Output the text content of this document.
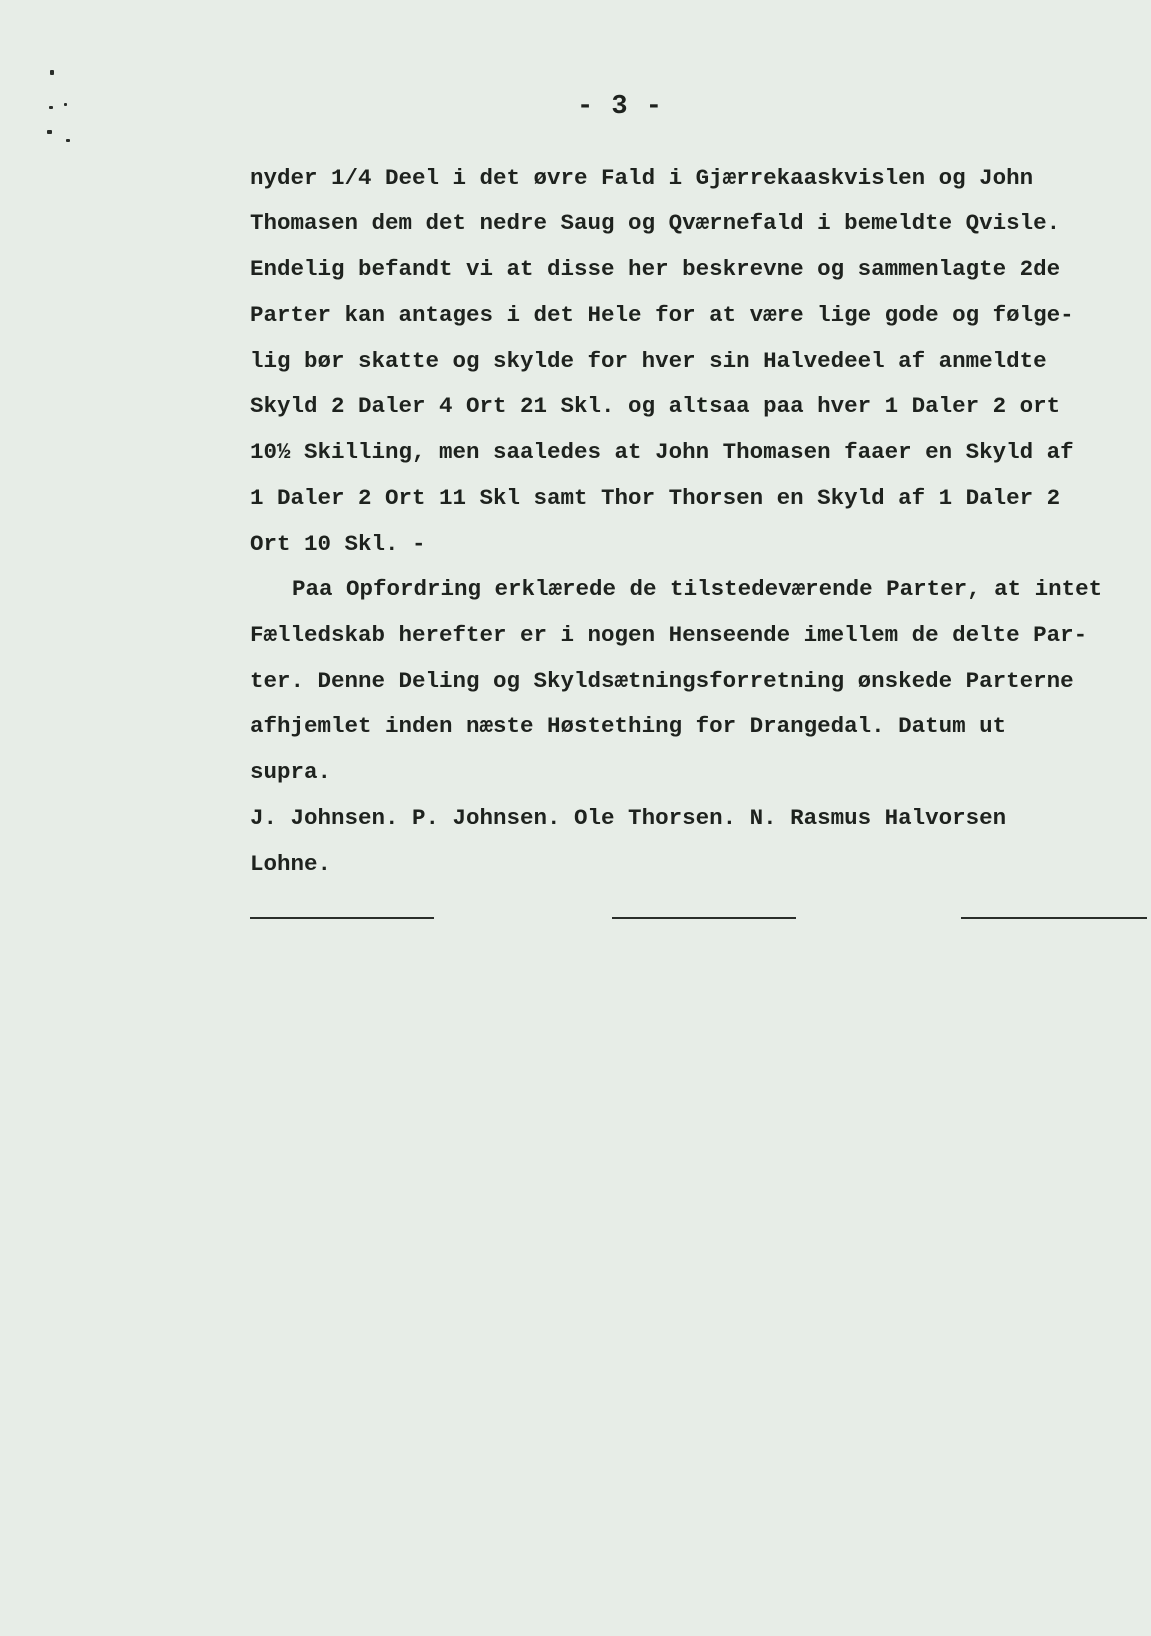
- 3 -
nyder 1/4 Deel i det øvre Fald i Gjærrekaaskvislen og John
Thomasen dem det nedre Saug og Qværnefald i bemeldte Qvisle.
Endelig befandt vi at disse her beskrevne og sammenlagte 2de
Parter kan antages i det Hele for at være lige gode og følge-
lig bør skatte og skylde for hver sin Halvedeel af anmeldte
Skyld 2 Daler 4 Ort 21 Skl. og altsaa paa hver 1 Daler 2 ort
10½ Skilling, men saaledes at John Thomasen faaer en Skyld af
1 Daler 2 Ort 11 Skl samt Thor Thorsen en Skyld af 1 Daler 2
Ort 10 Skl. -
Paa Opfordring erklærede de tilstedeværende Parter, at intet
Fælledskab herefter er i nogen Henseende imellem de delte Par-
ter. Denne Deling og Skyldsætningsforretning ønskede Parterne
afhjemlet inden næste Høstething for Drangedal. Datum ut
supra.
J. Johnsen. P. Johnsen. Ole Thorsen. N. Rasmus Halvorsen
Lohne.
